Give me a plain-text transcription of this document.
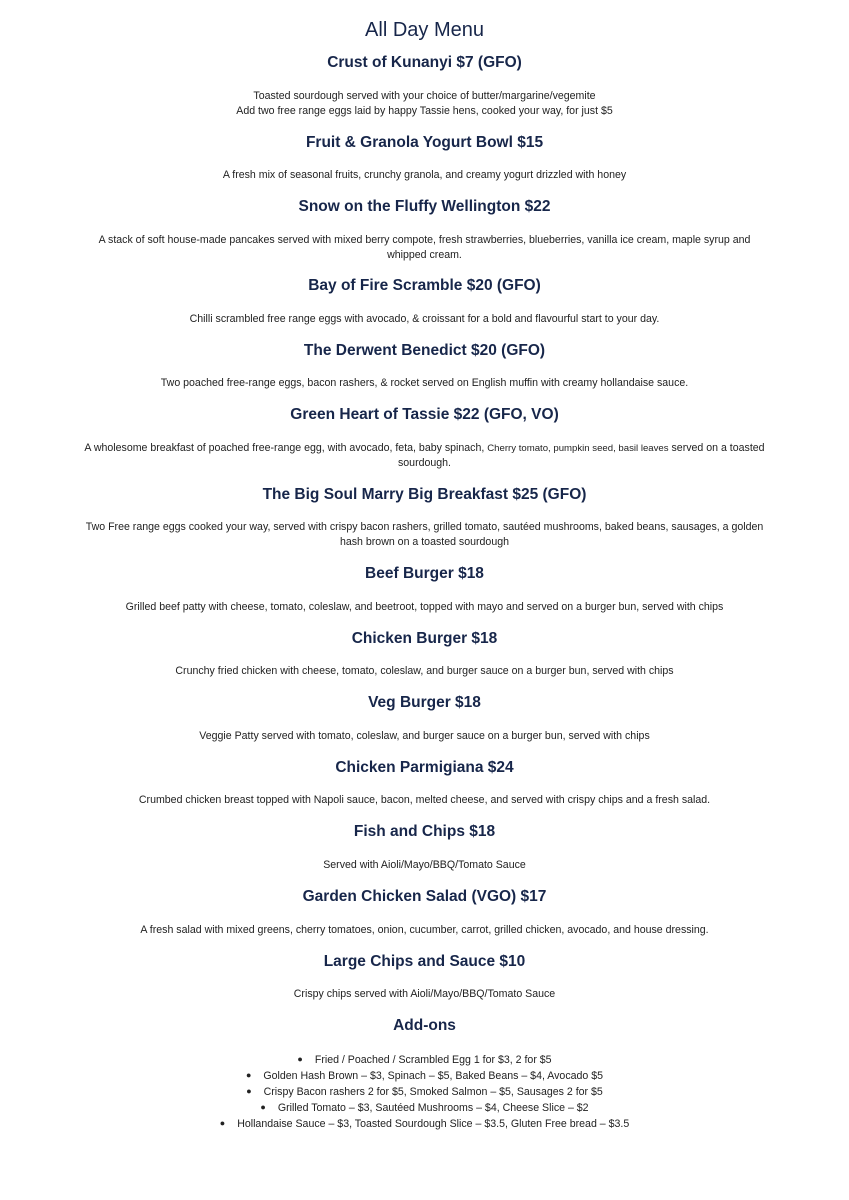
All Day Menu
Crust of Kunanyi $7 (GFO)

Toasted sourdough served with your choice of butter/margarine/vegemite
Add two free range eggs laid by happy Tassie hens, cooked your way, for just $5

Fruit & Granola Yogurt Bowl $15

A fresh mix of seasonal fruits, crunchy granola, and creamy yogurt drizzled with honey

Snow on the Fluffy Wellington $22

A stack of soft house-made pancakes served with mixed berry compote, fresh strawberries, blueberries, vanilla ice cream, maple syrup and
whipped cream.

Bay of Fire Scramble $20 (GFO)

Chilli scrambled free range eggs with avocado, & croissant for a bold and flavourful start to your day.

The Derwent Benedict $20 (GFO)

Two poached free-range eggs, bacon rashers, & rocket served on English muffin with creamy hollandaise sauce.

Green Heart of Tassie $22 (GFO, VO)

A wholesome breakfast of poached free-range egg, with avocado, feta, baby spinach, Cherry tomato, pumpkin seed, basil leaves served on a toasted
sourdough.

The Big Soul Marry Big Breakfast $25 (GFO)

Two Free range eggs cooked your way, served with crispy bacon rashers, grilled tomato, sautéed mushrooms, baked beans, sausages, a golden
hash brown on a toasted sourdough

Beef Burger $18

Grilled beef patty with cheese, tomato, coleslaw, and beetroot, topped with mayo and served on a burger bun, served with chips

Chicken Burger $18

Crunchy fried chicken with cheese, tomato, coleslaw, and burger sauce on a burger bun, served with chips

Veg Burger $18

Veggie Patty served with tomato, coleslaw, and burger sauce on a burger bun, served with chips

Chicken Parmigiana $24

Crumbed chicken breast topped with Napoli sauce, bacon, melted cheese, and served with crispy chips and a fresh salad.

Fish and Chips $18

Served with Aioli/Mayo/BBQ/Tomato Sauce

Garden Chicken Salad (VGO) $17

A fresh salad with mixed greens, cherry tomatoes, onion, cucumber, carrot, grilled chicken, avocado, and house dressing.

Large Chips and Sauce $10

Crispy chips served with Aioli/Mayo/BBQ/Tomato Sauce

Add-ons
● Fried / Poached / Scrambled Egg 1 for $3, 2 for $5
● Golden Hash Brown – $3, Spinach – $5, Baked Beans – $4, Avocado $5
● Crispy Bacon rashers 2 for $5, Smoked Salmon – $5, Sausages 2 for $5
● Grilled Tomato – $3, Sautéed Mushrooms – $4, Cheese Slice – $2
● Hollandaise Sauce – $3, Toasted Sourdough Slice – $3.5, Gluten Free bread – $3.5
